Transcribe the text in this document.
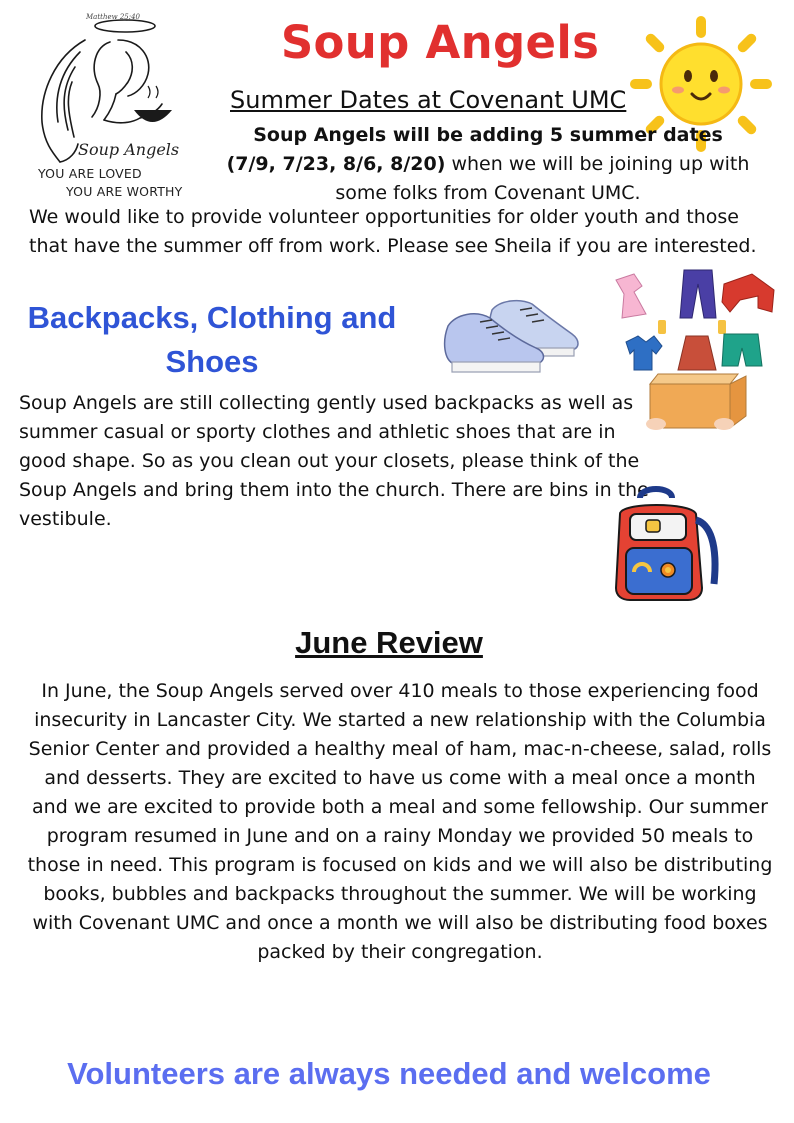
Matthew 25:40
Soup Angels
YOU ARE LOVED
YOU ARE WORTHY
Soup Angels
Summer Dates at Covenant UMC
Soup Angels will be adding 5 summer dates
(7/9, 7/23, 8/6, 8/20) when we will be joining up with some folks from Covenant UMC.
We would like to provide volunteer opportunities for older youth and those that have the summer off from work. Please see Sheila if you are interested.
Backpacks, Clothing and Shoes
Soup Angels are still collecting gently used backpacks as well as summer casual or sporty clothes and athletic shoes that are in good shape. So as you clean out your closets, please think of the Soup Angels and bring them into the church. There are bins in the vestibule.
June Review
In June, the Soup Angels served over 410 meals to those experiencing food insecurity in Lancaster City. We started a new relationship with the Columbia Senior Center and provided a healthy meal of ham, mac-n-cheese, salad, rolls and desserts. They are excited to have us come with a meal once a month and we are excited to provide both a meal and some fellowship. Our summer program resumed in June and on a rainy Monday we provided 50 meals to those in need. This program is focused on kids and we will also be distributing books, bubbles and backpacks throughout the summer. We will be working with Covenant UMC and once a month we will also be distributing food boxes packed by their congregation.
Volunteers are always needed and welcome
